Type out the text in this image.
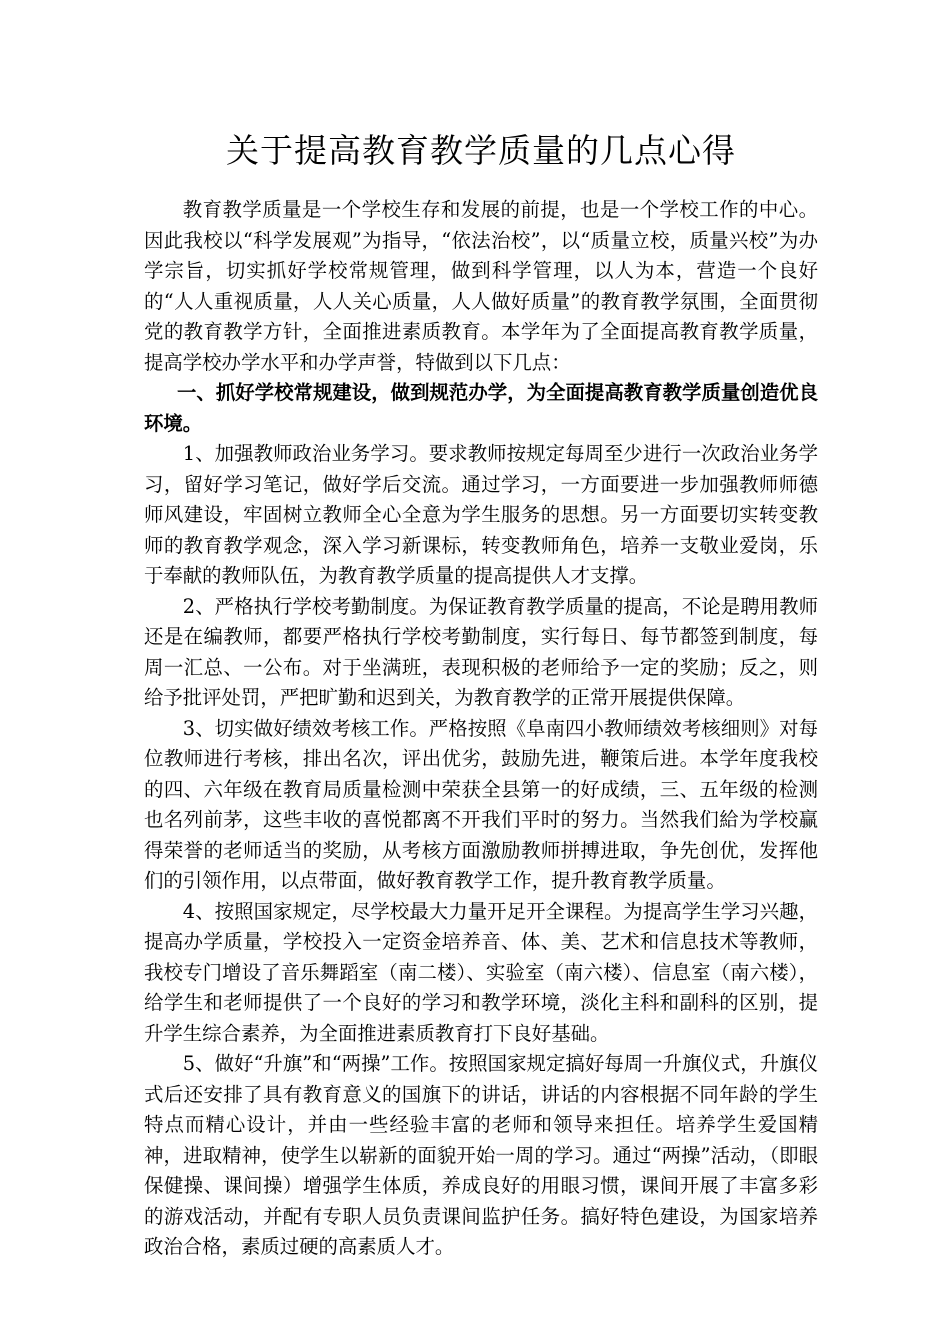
关于提高教育教学质量的几点心得

教育教学质量是一个学校生存和发展的前提，也是一个学校工作的中心。因此我校以“科学发展观”为指导，“依法治校”，以“质量立校，质量兴校”为办学宗旨，切实抓好学校常规管理，做到科学管理，以人为本，营造一个良好的“人人重视质量，人人关心质量，人人做好质量”的教育教学氛围，全面贯彻党的教育教学方针，全面推进素质教育。本学年为了全面提高教育教学质量，提高学校办学水平和办学声誉，特做到以下几点：

一、抓好学校常规建设，做到规范办学，为全面提高教育教学质量创造优良环境。

1、加强教师政治业务学习。要求教师按规定每周至少进行一次政治业务学习，留好学习笔记，做好学后交流。通过学习，一方面要进一步加强教师师德师风建设，牢固树立教师全心全意为学生服务的思想。另一方面要切实转变教师的教育教学观念，深入学习新课标，转变教师角色，培养一支敬业爱岗，乐于奉献的教师队伍，为教育教学质量的提高提供人才支撑。

2、严格执行学校考勤制度。为保证教育教学质量的提高，不论是聘用教师还是在编教师，都要严格执行学校考勤制度，实行每日、每节都签到制度，每周一汇总、一公布。对于坐满班，表现积极的老师给予一定的奖励；反之，则给予批评处罚，严把旷勤和迟到关，为教育教学的正常开展提供保障。

3、切实做好绩效考核工作。严格按照《阜南四小教师绩效考核细则》对每位教师进行考核，排出名次，评出优劣，鼓励先进，鞭策后进。本学年度我校的四、六年级在教育局质量检测中荣获全县第一的好成绩，三、五年级的检测也名列前茅，这些丰收的喜悦都离不开我们平时的努力。当然我们給为学校赢得荣誉的老师适当的奖励，从考核方面激励教师拼搏进取，争先创优，发挥他们的引领作用，以点带面，做好教育教学工作，提升教育教学质量。

4、按照国家规定，尽学校最大力量开足开全课程。为提高学生学习兴趣，提高办学质量，学校投入一定资金培养音、体、美、艺术和信息技术等教师，我校专门增设了音乐舞蹈室（南二楼）、实验室（南六楼）、信息室（南六楼），给学生和老师提供了一个良好的学习和教学环境，淡化主科和副科的区别，提升学生综合素养，为全面推进素质教育打下良好基础。

5、做好“升旗”和“两操”工作。按照国家规定搞好每周一升旗仪式，升旗仪式后还安排了具有教育意义的国旗下的讲话，讲话的内容根据不同年龄的学生特点而精心设计，并由一些经验丰富的老师和领导来担任。培养学生爱国精神，进取精神，使学生以崭新的面貌开始一周的学习。通过“两操”活动，（即眼保健操、课间操）增强学生体质，养成良好的用眼习惯，课间开展了丰富多彩的游戏活动，并配有专职人员负责课间监护任务。搞好特色建设，为国家培养政治合格，素质过硬的高素质人才。
